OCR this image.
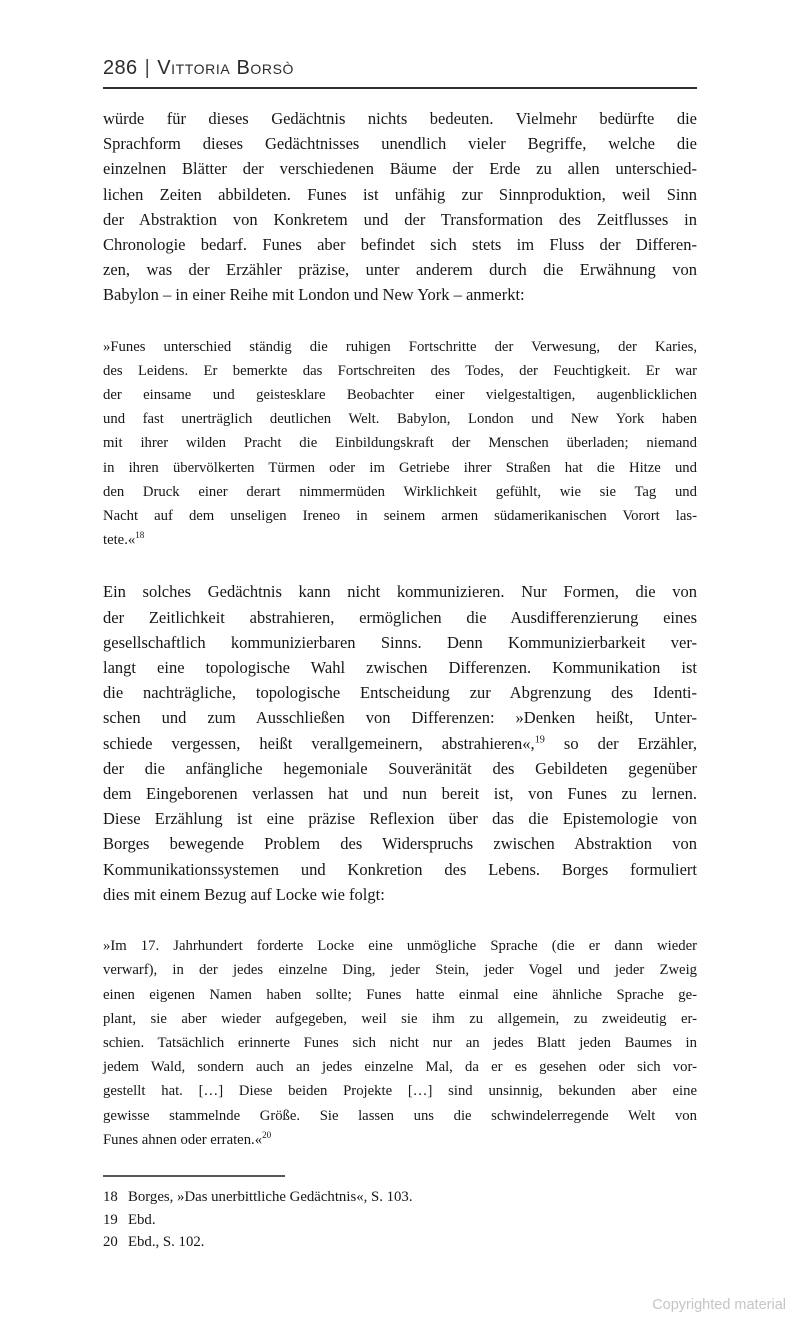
286 | Vittoria Borsò
würde für dieses Gedächtnis nichts bedeuten. Vielmehr bedürfte die
Sprachform dieses Gedächtnisses unendlich vieler Begriffe, welche die
einzelnen Blätter der verschiedenen Bäume der Erde zu allen unterschied-
lichen Zeiten abbildeten. Funes ist unfähig zur Sinnproduktion, weil Sinn
der Abstraktion von Konkretem und der Transformation des Zeitflusses in
Chronologie bedarf. Funes aber befindet sich stets im Fluss der Differen-
zen, was der Erzähler präzise, unter anderem durch die Erwähnung von
Babylon – in einer Reihe mit London und New York – anmerkt:
»Funes unterschied ständig die ruhigen Fortschritte der Verwesung, der Karies,
des Leidens. Er bemerkte das Fortschreiten des Todes, der Feuchtigkeit. Er war
der einsame und geistesklare Beobachter einer vielgestaltigen, augenblicklichen
und fast unerträglich deutlichen Welt. Babylon, London und New York haben
mit ihrer wilden Pracht die Einbildungskraft der Menschen überladen; niemand
in ihren übervölkerten Türmen oder im Getriebe ihrer Straßen hat die Hitze und
den Druck einer derart nimmermüden Wirklichkeit gefühlt, wie sie Tag und
Nacht auf dem unseligen Ireneo in seinem armen südamerikanischen Vorort las-
tete.«$^{18}$
Ein solches Gedächtnis kann nicht kommunizieren. Nur Formen, die von
der Zeitlichkeit abstrahieren, ermöglichen die Ausdifferenzierung eines
gesellschaftlich kommunizierbaren Sinns. Denn Kommunizierbarkeit ver-
langt eine topologische Wahl zwischen Differenzen. Kommunikation ist
die nachträgliche, topologische Entscheidung zur Abgrenzung des Identi-
schen und zum Ausschließen von Differenzen: »Denken heißt, Unter-
schiede vergessen, heißt verallgemeinern, abstrahieren«,$^{19}$ so der Erzähler,
der die anfängliche hegemoniale Souveränität des Gebildeten gegenüber
dem Eingeborenen verlassen hat und nun bereit ist, von Funes zu lernen.
Diese Erzählung ist eine präzise Reflexion über das die Epistemologie von
Borges bewegende Problem des Widerspruchs zwischen Abstraktion von
Kommunikationssystemen und Konkretion des Lebens. Borges formuliert
dies mit einem Bezug auf Locke wie folgt:
»Im 17. Jahrhundert forderte Locke eine unmögliche Sprache (die er dann wieder
verwarf), in der jedes einzelne Ding, jeder Stein, jeder Vogel und jeder Zweig
einen eigenen Namen haben sollte; Funes hatte einmal eine ähnliche Sprache ge-
plant, sie aber wieder aufgegeben, weil sie ihm zu allgemein, zu zweideutig er-
schien. Tatsächlich erinnerte Funes sich nicht nur an jedes Blatt jeden Baumes in
jedem Wald, sondern auch an jedes einzelne Mal, da er es gesehen oder sich vor-
gestellt hat. […] Diese beiden Projekte […] sind unsinnig, bekunden aber eine
gewisse stammelnde Größe. Sie lassen uns die schwindelerregende Welt von
Funes ahnen oder erraten.«$^{20}$
18 Borges, »Das unerbittliche Gedächtnis«, S. 103.
19 Ebd.
20 Ebd., S. 102.
Copyrighted material
